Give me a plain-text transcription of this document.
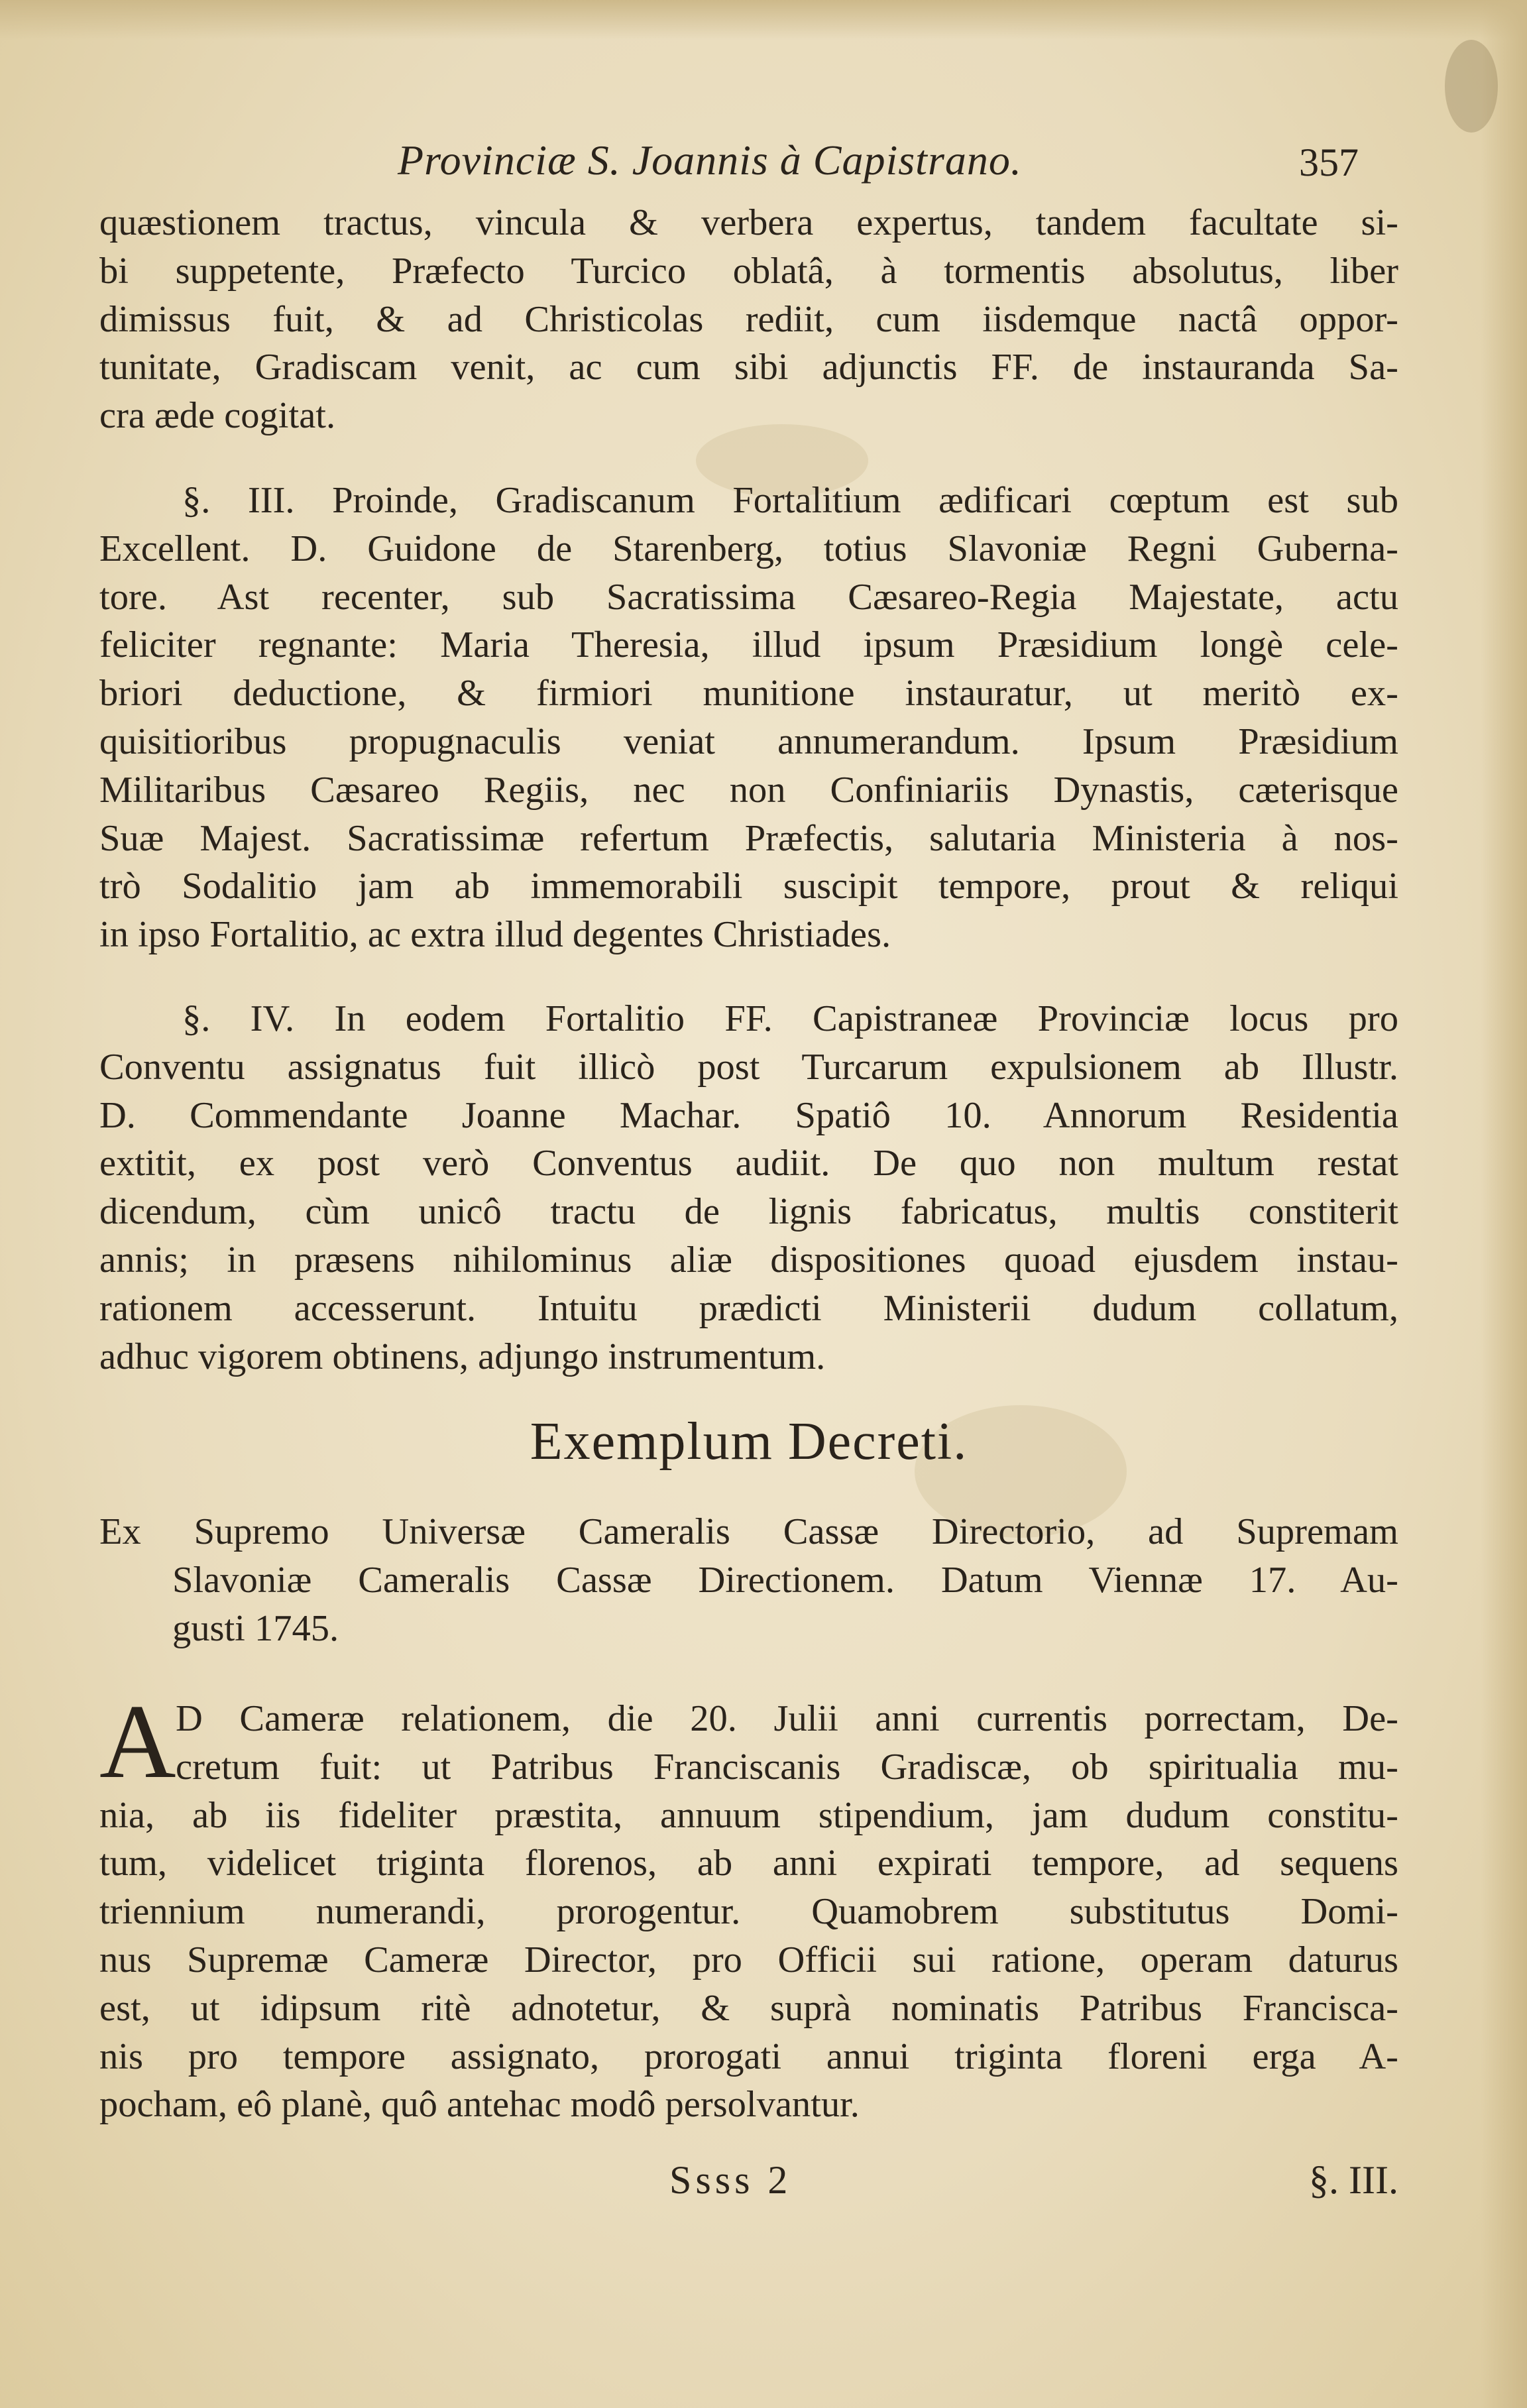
Provinciæ S. Joannis à Capistrano.	357
quæstionem tractus, vincula & verbera expertus, tandem facultate si-
bi suppetente, Præfecto Turcico oblatâ, à tormentis absolutus, liber
dimissus fuit, & ad Christicolas rediit, cum iisdemque nactâ oppor-
tunitate, Gradiscam venit, ac cum sibi adjunctis FF. de instauranda Sa-
cra æde cogitat.
§. III. Proinde, Gradiscanum Fortalitium ædificari cœptum est sub
Excellent. D. Guidone de Starenberg, totius Slavoniæ Regni Guberna-
tore. Ast recenter, sub Sacratissima Cæsareo-Regia Majestate, actu
feliciter regnante: Maria Theresia, illud ipsum Præsidium longè cele-
briori deductione, & firmiori munitione instauratur, ut meritò ex-
quisitioribus propugnaculis veniat annumerandum. Ipsum Præsidium
Militaribus Cæsareo Regiis, nec non Confiniariis Dynastis, cæterisque
Suæ Majest. Sacratissimæ refertum Præfectis, salutaria Ministeria à nos-
trò Sodalitio jam ab immemorabili suscipit tempore, prout & reliqui
in ipso Fortalitio, ac extra illud degentes Christiades.
§. IV. In eodem Fortalitio FF. Capistraneæ Provinciæ locus pro
Conventu assignatus fuit illicò post Turcarum expulsionem ab Illustr.
D. Commendante Joanne Machar. Spatiô 10. Annorum Residentia
extitit, ex post verò Conventus audiit. De quo non multum restat
dicendum, cùm unicô tractu de lignis fabricatus, multis constiterit
annis; in præsens nihilominus aliæ dispositiones quoad ejusdem instau-
rationem accesserunt. Intuitu prædicti Ministerii dudum collatum,
adhuc vigorem obtinens, adjungo instrumentum.
Exemplum Decreti.
Ex Supremo Universæ Cameralis Cassæ Directorio, ad Supremam
Slavoniæ Cameralis Cassæ Directionem. Datum Viennæ 17. Au-
gusti 1745.
A D Cameræ relationem, die 20. Julii anni currentis porrectam, De-
cretum fuit: ut Patribus Franciscanis Gradiscæ, ob spiritualia mu-
nia, ab iis fideliter præstita, annuum stipendium, jam dudum constitu-
tum, videlicet triginta florenos, ab anni expirati tempore, ad sequens
triennium numerandi, prorogentur. Quamobrem substitutus Domi-
nus Supremæ Cameræ Director, pro Officii sui ratione, operam daturus
est, ut idipsum ritè adnotetur, & suprà nominatis Patribus Francisca-
nis pro tempore assignato, prorogati annui triginta floreni erga A-
pocham, eô planè, quô antehac modô persolvantur.
Ssss 2	§. III.
